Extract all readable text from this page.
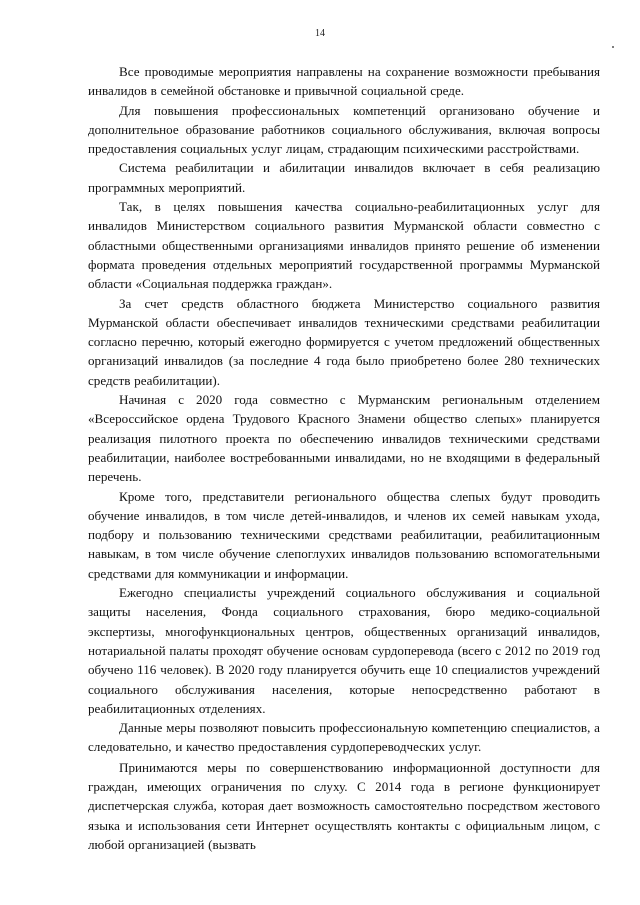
14

Все проводимые мероприятия направлены на сохранение возможности пребывания инвалидов в семейной обстановке и привычной социальной среде.

Для повышения профессиональных компетенций организовано обучение и дополнительное образование работников социального обслуживания, включая вопросы предоставления социальных услуг лицам, страдающим психическими расстройствами.

Система реабилитации и абилитации инвалидов включает в себя реализацию программных мероприятий.

Так, в целях повышения качества социально-реабилитационных услуг для инвалидов Министерством социального развития Мурманской области совместно с областными общественными организациями инвалидов принято решение об изменении формата проведения отдельных мероприятий государственной программы Мурманской области «Социальная поддержка граждан».

За счет средств областного бюджета Министерство социального развития Мурманской области обеспечивает инвалидов техническими средствами реабилитации согласно перечню, который ежегодно формируется с учетом предложений общественных организаций инвалидов (за последние 4 года было приобретено более 280 технических средств реабилитации).

Начиная с 2020 года совместно с Мурманским региональным отделением «Всероссийское ордена Трудового Красного Знамени общество слепых» планируется реализация пилотного проекта по обеспечению инвалидов техническими средствами реабилитации, наиболее востребованными инвалидами, но не входящими в федеральный перечень.

Кроме того, представители регионального общества слепых будут проводить обучение инвалидов, в том числе детей-инвалидов, и членов их семей навыкам ухода, подбору и пользованию техническими средствами реабилитации, реабилитационным навыкам, в том числе обучение слепоглухих инвалидов пользованию вспомогательными средствами для коммуникации и информации.

Ежегодно специалисты учреждений социального обслуживания и социальной защиты населения, Фонда социального страхования, бюро медико-социальной экспертизы, многофункциональных центров, общественных организаций инвалидов, нотариальной палаты проходят обучение основам сурдоперевода (всего с 2012 по 2019 год обучено 116 человек). В 2020 году планируется обучить еще 10 специалистов учреждений социального обслуживания населения, которые непосредственно работают в реабилитационных отделениях.

Данные меры позволяют повысить профессиональную компетенцию специалистов, а следовательно, и качество предоставления сурдопереводческих услуг.

Принимаются меры по совершенствованию информационной доступности для граждан, имеющих ограничения по слуху. С 2014 года в регионе функционирует диспетчерская служба, которая дает возможность самостоятельно посредством жестового языка и использования сети Интернет осуществлять контакты с официальным лицом, с любой организацией (вызвать
